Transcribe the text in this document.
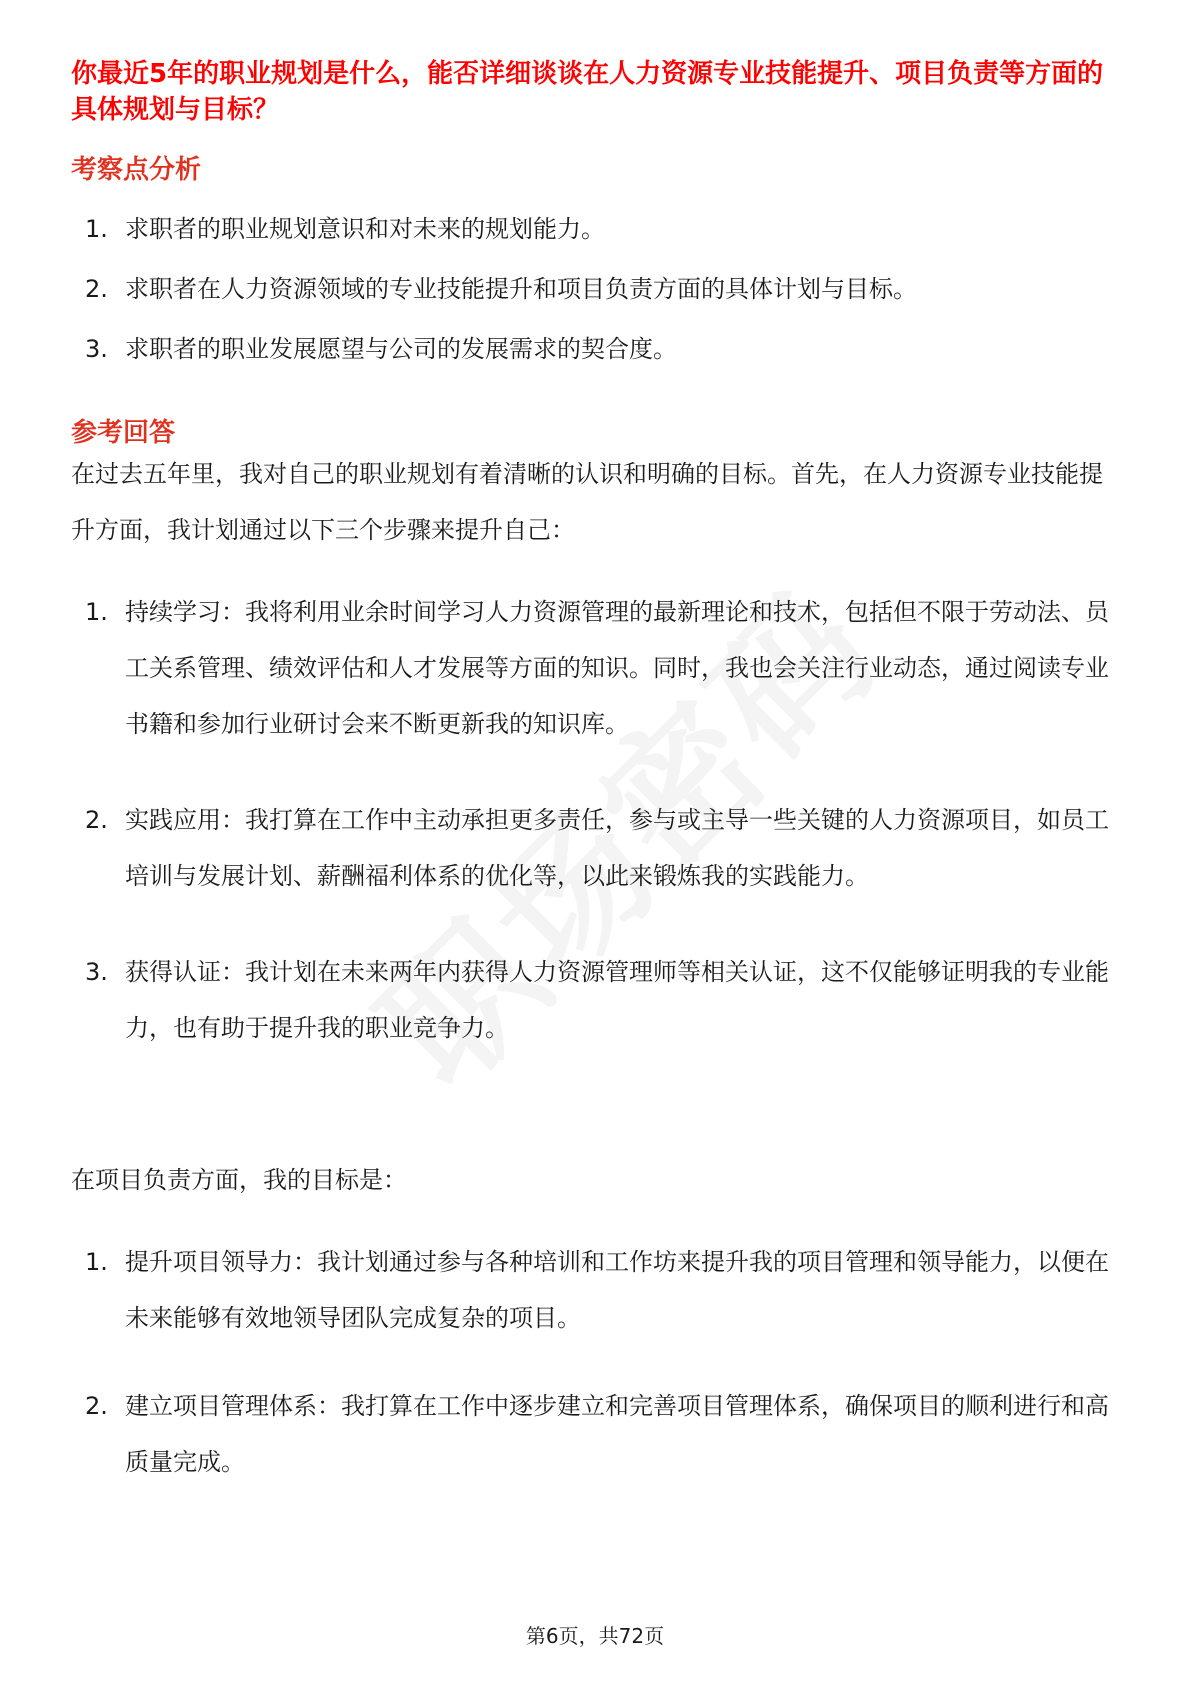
你最近5年的职业规划是什么，能否详细谈谈在人力资源专业技能提升、项目负责等方面的具体规划与目标？

考察点分析
1. 求职者的职业规划意识和对未来的规划能力。
2. 求职者在人力资源领域的专业技能提升和项目负责方面的具体计划与目标。
3. 求职者的职业发展愿望与公司的发展需求的契合度。
参考回答

在过去五年里，我对自己的职业规划有着清晰的认识和明确的目标。首先，在人力资源专业技能提升方面，我计划通过以下三个步骤来提升自己：

1. 持续学习：我将利用业余时间学习人力资源管理的最新理论和技术，包括但不限于劳动法、员工关系管理、绩效评估和人才发展等方面的知识。同时，我也会关注行业动态，通过阅读专业书籍和参加行业研讨会来不断更新我的知识库。
2. 实践应用：我打算在工作中主动承担更多责任，参与或主导一些关键的人力资源项目，如员工培训与发展计划、薪酬福利体系的优化等，以此来锻炼我的实践能力。
3. 获得认证：我计划在未来两年内获得人力资源管理师等相关认证，这不仅能够证明我的专业能力，也有助于提升我的职业竞争力。

在项目负责方面，我的目标是：

1. 提升项目领导力：我计划通过参与各种培训和工作坊来提升我的项目管理和领导能力，以便在未来能够有效地领导团队完成复杂的项目。
2. 建立项目管理体系：我打算在工作中逐步建立和完善项目管理体系，确保项目的顺利进行和高质量完成。
第6页，共72页
